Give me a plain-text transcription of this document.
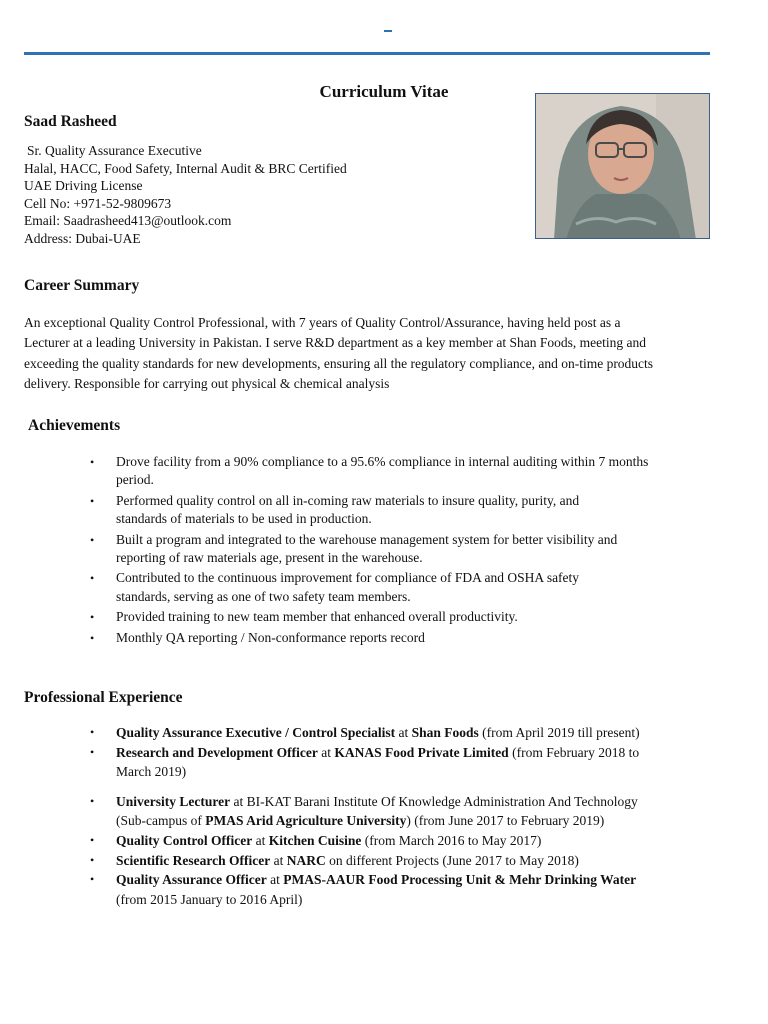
Curriculum Vitae
Saad Rasheed
Sr. Quality Assurance Executive
Halal, HACC, Food Safety, Internal Audit & BRC Certified
UAE Driving License
Cell No: +971-52-9809673
Email: Saadrasheed413@outlook.com
Address: Dubai-UAE
Career Summary
An exceptional Quality Control Professional, with 7 years of Quality Control/Assurance, having held post as a
Lecturer at a leading University in Pakistan. I serve R&D department as a key member at Shan Foods, meeting and
exceeding the quality standards for new developments, ensuring all the regulatory compliance, and on-time products
delivery. Responsible for carrying out physical & chemical analysis
Achievements
• Drove facility from a 90% compliance to a 95.6% compliance in internal auditing within 7 months
period.
• Performed quality control on all in-coming raw materials to insure quality, purity, and
standards of materials to be used in production.
• Built a program and integrated to the warehouse management system for better visibility and
reporting of raw materials age, present in the warehouse.
• Contributed to the continuous improvement for compliance of FDA and OSHA safety
standards, serving as one of two safety team members.
• Provided training to new team member that enhanced overall productivity.
• Monthly QA reporting / Non-conformance reports record
Professional Experience
• Quality Assurance Executive / Control Specialist at Shan Foods (from April 2019 till present)
• Research and Development Officer at KANAS Food Private Limited (from February 2018 to
March 2019)
• University Lecturer at BI-KAT Barani Institute Of Knowledge Administration And Technology
(Sub-campus of PMAS Arid Agriculture University) (from June 2017 to February 2019)
• Quality Control Officer at Kitchen Cuisine (from March 2016 to May 2017)
• Scientific Research Officer at NARC on different Projects (June 2017 to May 2018)
• Quality Assurance Officer at PMAS-AAUR Food Processing Unit & Mehr Drinking Water
(from 2015 January to 2016 April)
